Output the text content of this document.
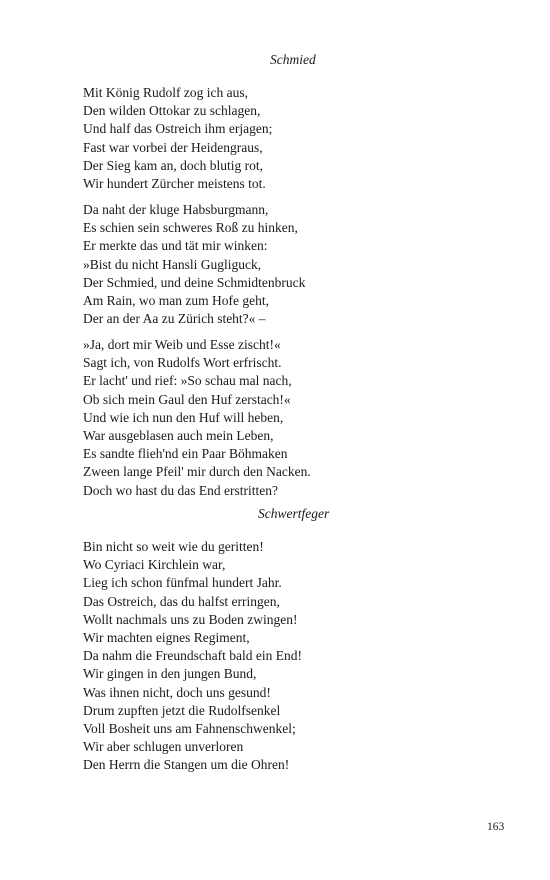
Schmied
Mit König Rudolf zog ich aus,
Den wilden Ottokar zu schlagen,
Und half das Ostreich ihm erjagen;
Fast war vorbei der Heidengraus,
Der Sieg kam an, doch blutig rot,
Wir hundert Zürcher meistens tot.
Da naht der kluge Habsburgmann,
Es schien sein schweres Roß zu hinken,
Er merkte das und tät mir winken:
»Bist du nicht Hansli Gugliguck,
Der Schmied, und deine Schmidtenbruck
Am Rain, wo man zum Hofe geht,
Der an der Aa zu Zürich steht?« –
»Ja, dort mir Weib und Esse zischt!«
Sagt ich, von Rudolfs Wort erfrischt.
Er lacht' und rief: »So schau mal nach,
Ob sich mein Gaul den Huf zerstach!«
Und wie ich nun den Huf will heben,
War ausgeblasen auch mein Leben,
Es sandte flieh'nd ein Paar Böhmaken
Zween lange Pfeil' mir durch den Nacken.
Doch wo hast du das End erstritten?
Schwertfeger
Bin nicht so weit wie du geritten!
Wo Cyriaci Kirchlein war,
Lieg ich schon fünfmal hundert Jahr.
Das Ostreich, das du halfst erringen,
Wollt nachmals uns zu Boden zwingen!
Wir machten eignes Regiment,
Da nahm die Freundschaft bald ein End!
Wir gingen in den jungen Bund,
Was ihnen nicht, doch uns gesund!
Drum zupften jetzt die Rudolfsenkel
Voll Bosheit uns am Fahnenschwenkel;
Wir aber schlugen unverloren
Den Herrn die Stangen um die Ohren!
163
